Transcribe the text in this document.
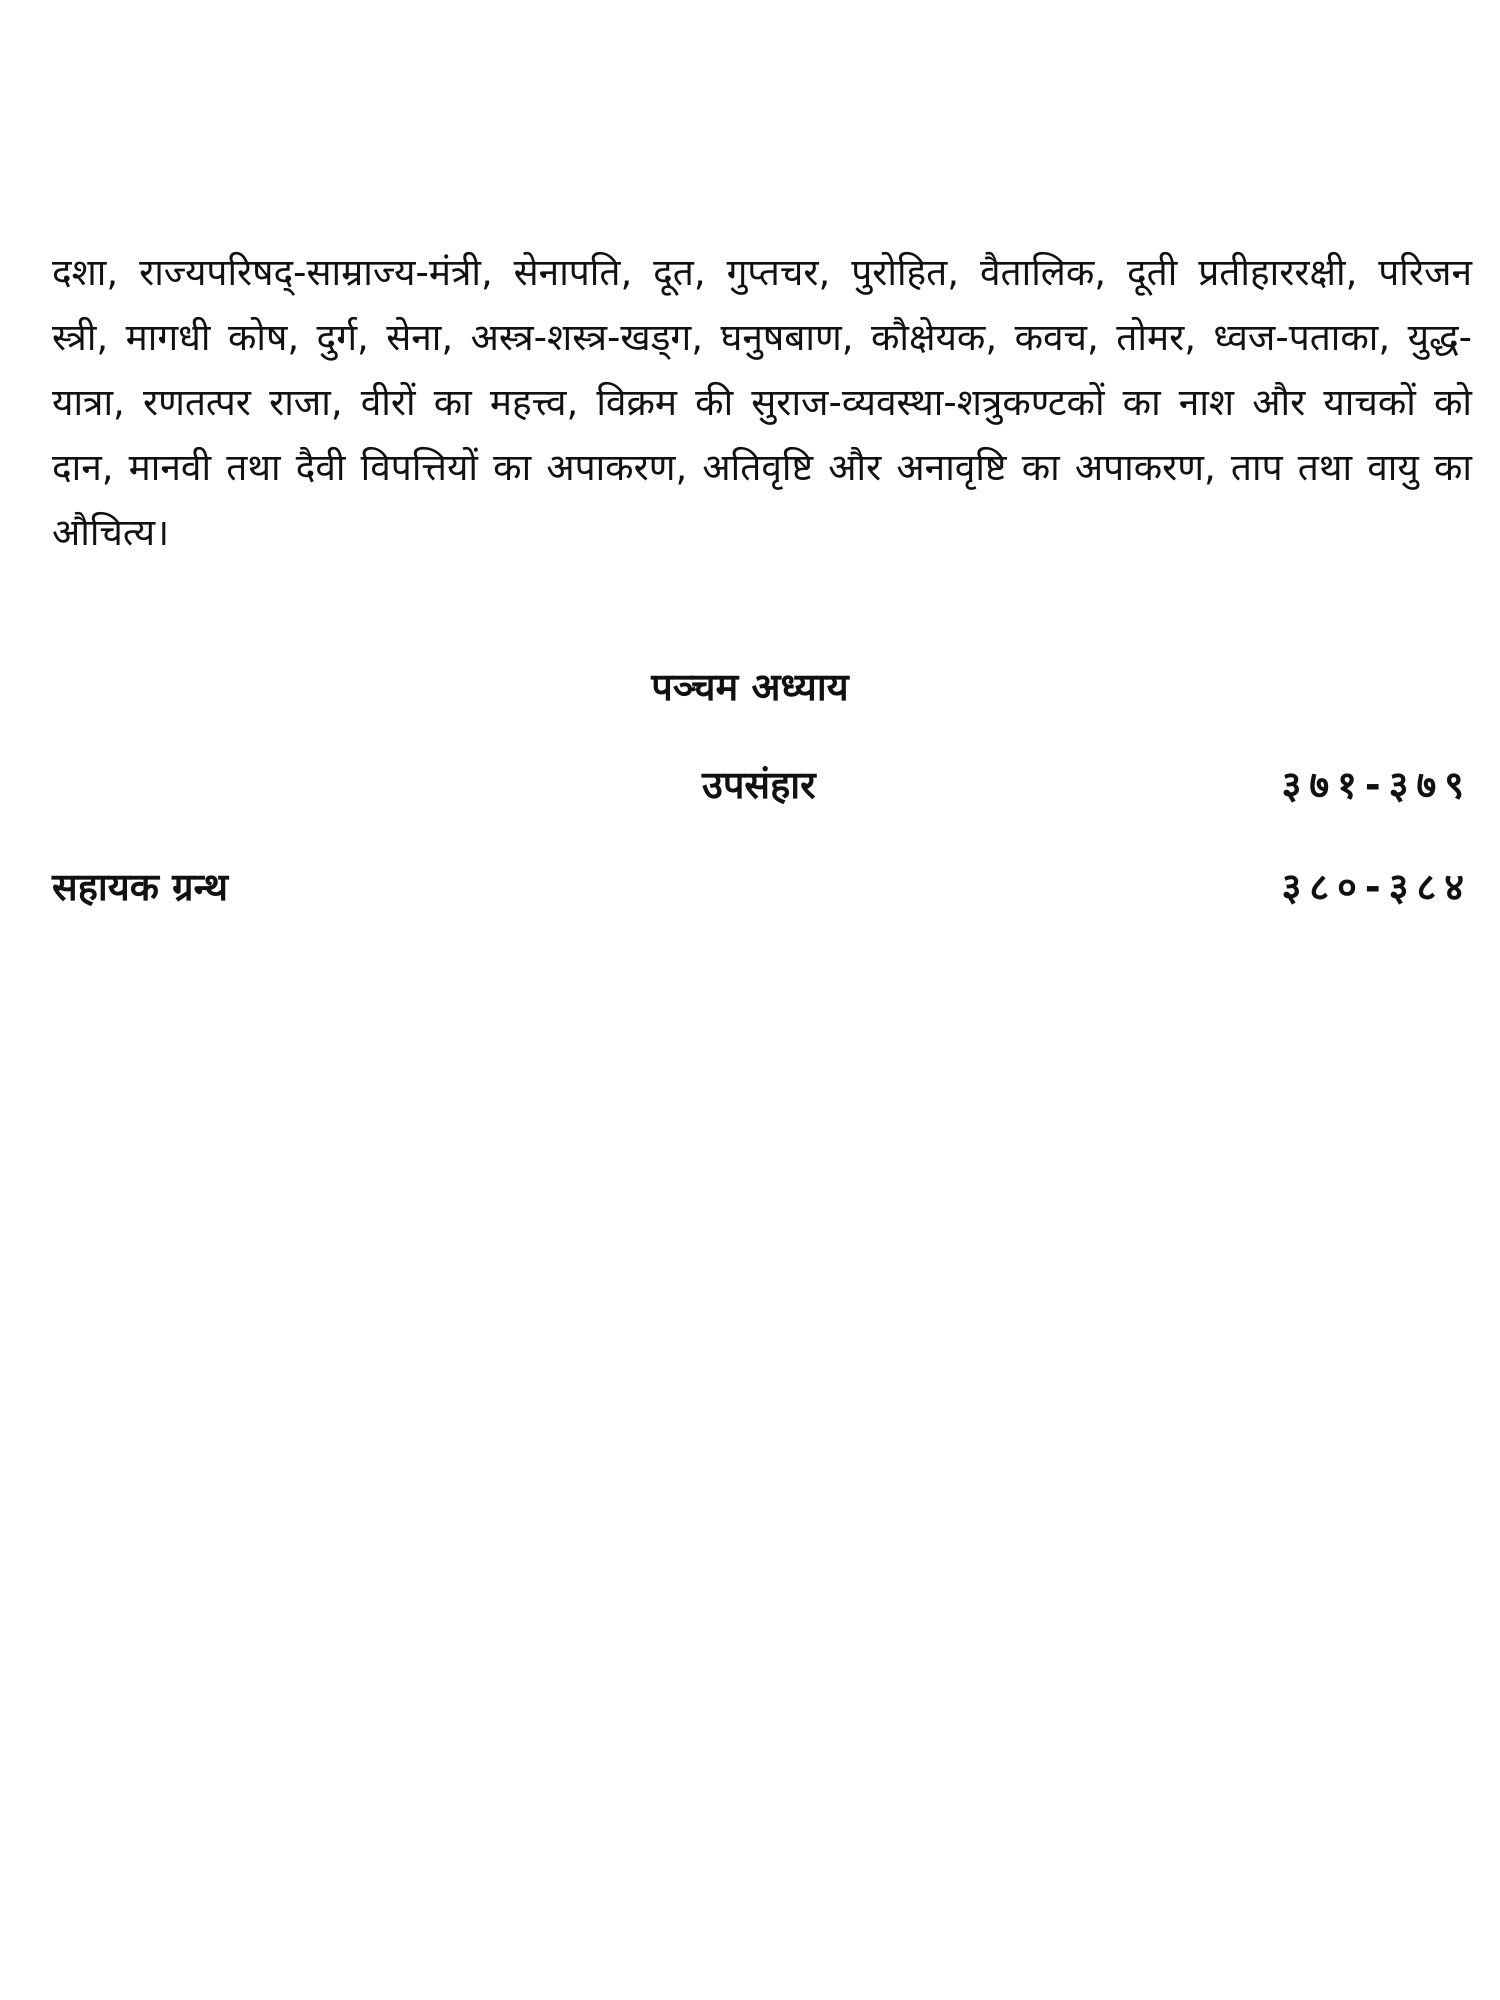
दशा, राज्यपरिषद्-साम्राज्य-मंत्री, सेनापति, दूत, गुप्तचर, पुरोहित, वैतालिक, दूती प्रतीहाररक्षी, परिजन स्त्री, मागधी कोष, दुर्ग, सेना, अस्त्र-शस्त्र-खड्ग, घनुषबाण, कौक्षेयक, कवच, तोमर, ध्वज-पताका, युद्ध-यात्रा, रणतत्पर राजा, वीरों का महत्त्व, विक्रम की सुराज-व्यवस्था-शत्रुकण्टकों का नाश और याचकों को दान, मानवी तथा दैवी विपत्तियों का अपाकरण, अतिवृष्टि और अनावृष्टि का अपाकरण, ताप तथा वायु का औचित्य।

पञ्चम अध्याय
उपसंहार	३७१-३७९
सहायक ग्रन्थ	३८०-३८४
